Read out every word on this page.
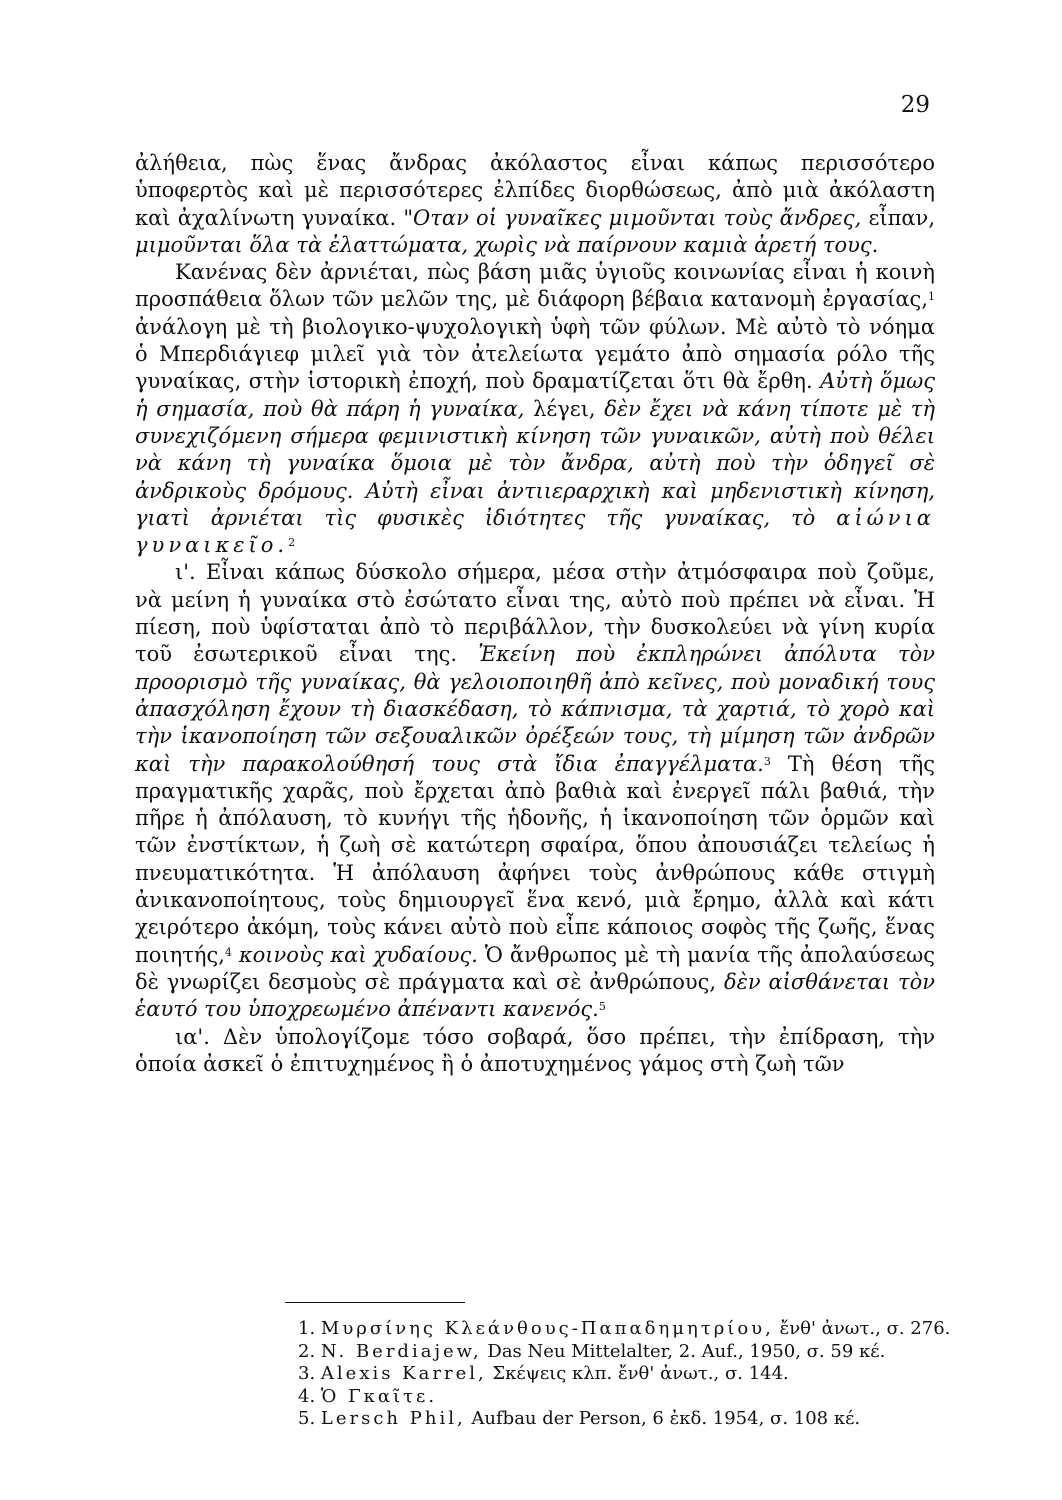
29

ἀλήθεια, πὼς ἕνας ἄνδρας ἀκόλαστος εἶναι κάπως περισσότερο ὑποφερτὸς καὶ μὲ περισσότερες ἐλπίδες διορθώσεως, ἀπὸ μιὰ ἀκόλαστη καὶ ἀχαλίνωτη γυναίκα. "Οταν οἱ γυναῖκες μιμοῦνται τοὺς ἄνδρες, εἶπαν, μιμοῦνται ὅλα τὰ ἐλαττώματα, χωρὶς νὰ παίρνουν καμιὰ ἀρετή τους.

Κανένας δὲν ἀρνιέται, πὼς βάση μιᾶς ὑγιοῦς κοινωνίας εἶναι ἡ κοινὴ προσπάθεια ὅλων τῶν μελῶν της, μὲ διάφορη βέβαια κατανομὴ ἐργασίας,$^1$ ἀνάλογη μὲ τὴ βιολογικο-ψυχολογικὴ ὑφὴ τῶν φύλων. Μὲ αὐτὸ τὸ νόημα ὁ Μπερδιάγιεφ μιλεῖ γιὰ τὸν ἀτελείωτα γεμάτο ἀπὸ σημασία ρόλο τῆς γυναίκας, στὴν ἱστορικὴ ἐποχή, ποὺ δραματίζεται ὅτι θὰ ἔρθη. Αὐτὴ ὅμως ἡ σημασία, ποὺ θὰ πάρη ἡ γυναίκα, λέγει, δὲν ἔχει νὰ κάνη τίποτε μὲ τὴ συνεχιζόμενη σήμερα φεμινιστικὴ κίνηση τῶν γυναικῶν, αὐτὴ ποὺ θέλει νὰ κάνη τὴ γυναίκα ὅμοια μὲ τὸν ἄνδρα, αὐτὴ ποὺ τὴν ὁδηγεῖ σὲ ἀνδρικοὺς δρόμους. Αὐτὴ εἶναι ἀντιιεραρχικὴ καὶ μηδενιστικὴ κίνηση, γιατὶ ἀρνιέται τὶς φυσικὲς ἰδιότητες τῆς γυναίκας, τὸ αἰώνια γυναικεῖο.$^2$

ι'. Εἶναι κάπως δύσκολο σήμερα, μέσα στὴν ἀτμόσφαιρα ποὺ ζοῦμε, νὰ μείνη ἡ γυναίκα στὸ ἐσώτατο εἶναι της, αὐτὸ ποὺ πρέπει νὰ εἶναι. Ἡ πίεση, ποὺ ὑφίσταται ἀπὸ τὸ περιβάλλον, τὴν δυσκολεύει νὰ γίνη κυρία τοῦ ἐσωτερικοῦ εἶναι της. Ἐκείνη ποὺ ἐκπληρώνει ἀπόλυτα τὸν προορισμὸ τῆς γυναίκας, θὰ γελοιοποιηθῆ ἀπὸ κεῖνες, ποὺ μοναδική τους ἀπασχόληση ἔχουν τὴ διασκέδαση, τὸ κάπνισμα, τὰ χαρτιά, τὸ χορὸ καὶ τὴν ἱκανοποίηση τῶν σεξουαλικῶν ὀρέξεών τους, τὴ μίμηση τῶν ἀνδρῶν καὶ τὴν παρακολούθησή τους στὰ ἴδια ἐπαγγέλματα.$^3$ Τὴ θέση τῆς πραγματικῆς χαρᾶς, ποὺ ἔρχεται ἀπὸ βαθιὰ καὶ ἐνεργεῖ πάλι βαθιά, τὴν πῆρε ἡ ἀπόλαυση, τὸ κυνήγι τῆς ἡδονῆς, ἡ ἱκανοποίηση τῶν ὁρμῶν καὶ τῶν ἐνστίκτων, ἡ ζωὴ σὲ κατώτερη σφαίρα, ὅπου ἀπουσιάζει τελείως ἡ πνευματικότητα. Ἡ ἀπόλαυση ἀφήνει τοὺς ἀνθρώπους κάθε στιγμὴ ἀνικανοποίητους, τοὺς δημιουργεῖ ἕνα κενό, μιὰ ἔρημο, ἀλλὰ καὶ κάτι χειρότερο ἀκόμη, τοὺς κάνει αὐτὸ ποὺ εἶπε κάποιος σοφὸς τῆς ζωῆς, ἕνας ποιητής,$^4$ κοινοὺς καὶ χυδαίους. Ὁ ἄνθρωπος μὲ τὴ μανία τῆς ἀπολαύσεως δὲ γνωρίζει δεσμοὺς σὲ πράγματα καὶ σὲ ἀνθρώπους, δὲν αἰσθάνεται τὸν ἑαυτό του ὑποχρεωμένο ἀπέναντι κανενός.$^5$

ια'. Δὲν ὑπολογίζομε τόσο σοβαρά, ὅσο πρέπει, τὴν ἐπίδραση, τὴν ὁποία ἀσκεῖ ὁ ἐπιτυχημένος ἢ ὁ ἀποτυχημένος γάμος στὴ ζωὴ τῶν

1. Μυρσίνης Κλεάνθους-Παπαδημητρίου, ἔνθ' ἀνωτ., σ. 276.
2. N. Berdiajew, Das Neu Mittelalter, 2. Auf., 1950, σ. 59 κέ.
3. Alexis Karrel, Σκέψεις κλπ. ἔνθ' ἀνωτ., σ. 144.
4. Ὁ Γκαῖτε.
5. Lersch Phil, Aufbau der Person, 6 ἐκδ. 1954, σ. 108 κέ.
